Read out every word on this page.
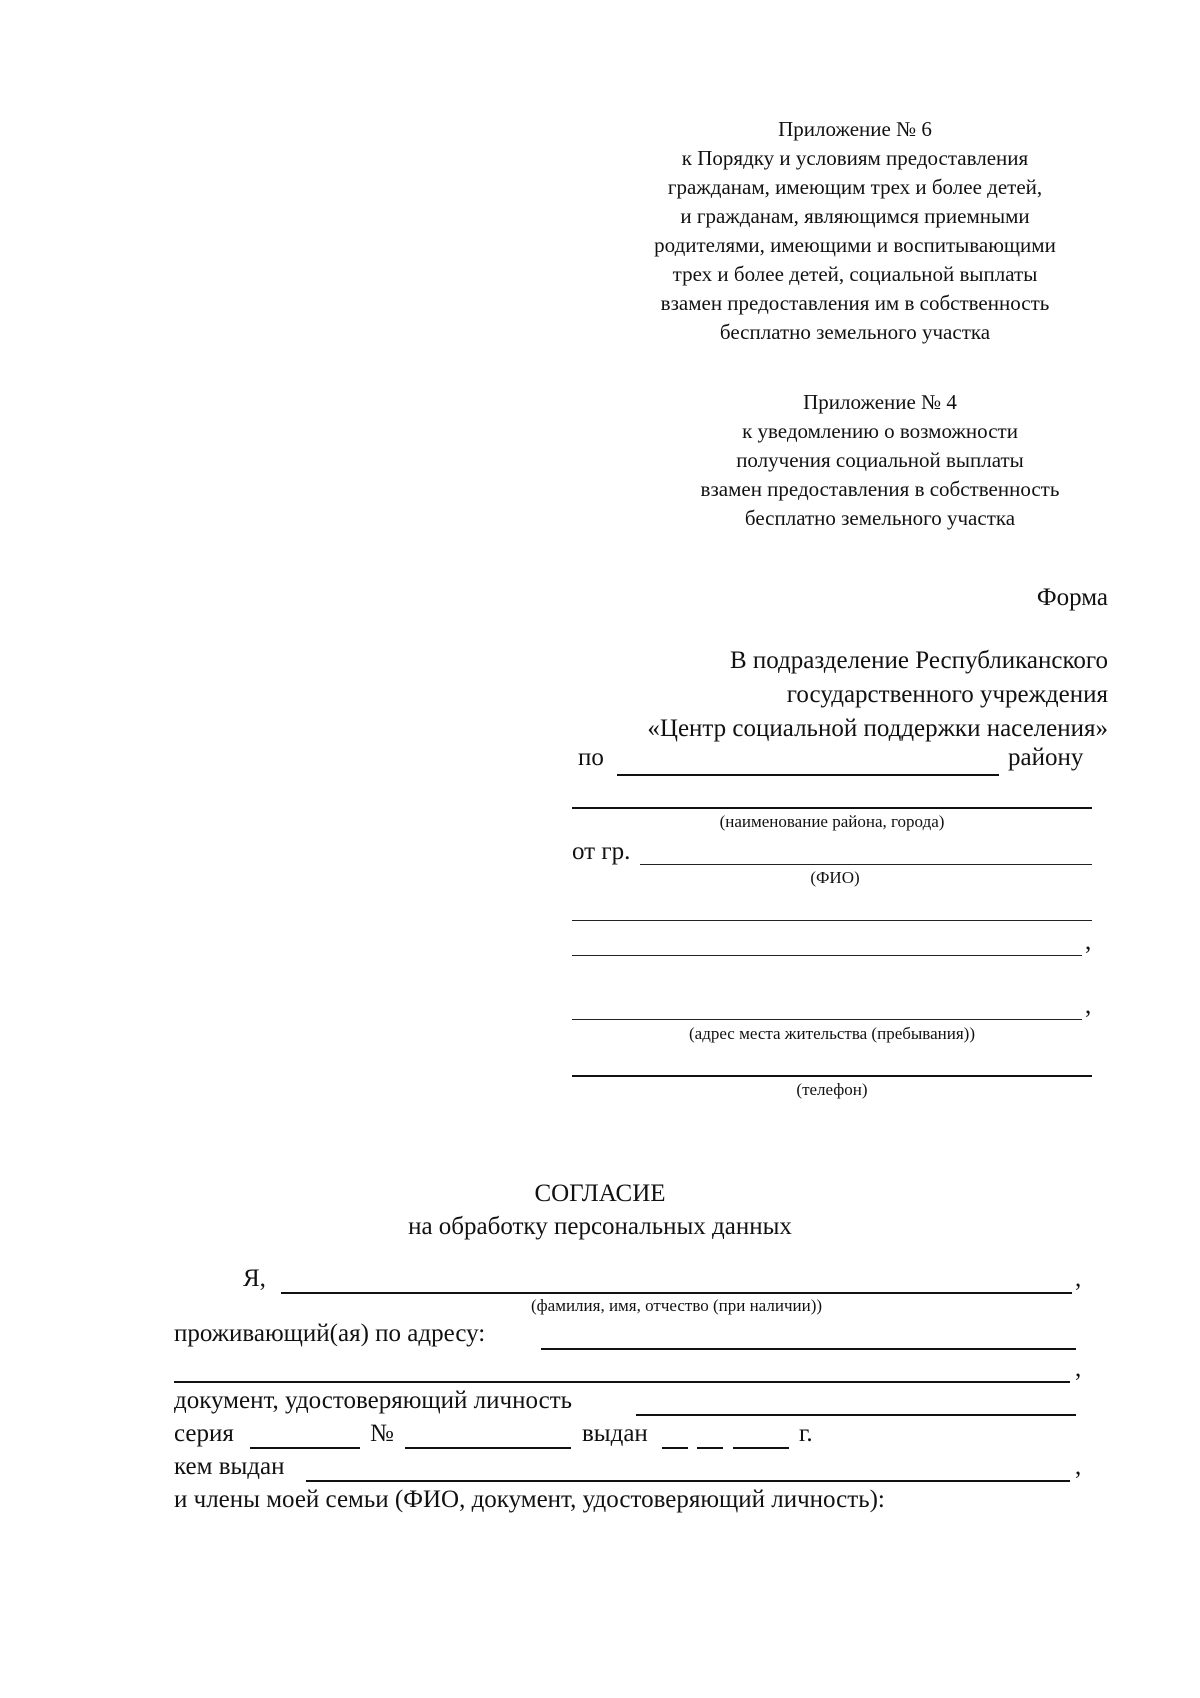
Приложение № 6
к Порядку и условиям предоставления
гражданам, имеющим трех и более детей,
и гражданам, являющимся приемными
родителями, имеющими и воспитывающими
трех и более детей, социальной выплаты
взамен предоставления им в собственность
бесплатно земельного участка
Приложение № 4
к уведомлению о возможности
получения социальной выплаты
взамен предоставления в собственность
бесплатно земельного участка
Форма
В подразделение Республиканского
государственного учреждения
«Центр социальной поддержки населения»
по	району
(наименование района, города)
от гр.
(ФИО)
,
,
(адрес места жительства (пребывания))
(телефон)
СОГЛАСИЕ
на обработку персональных данных
Я,	,
(фамилия, имя, отчество (при наличии))
проживающий(ая) по адресу:
,
документ, удостоверяющий личность
серия	№	выдан	г.
кем выдан	,
и члены моей семьи (ФИО, документ, удостоверяющий личность):
